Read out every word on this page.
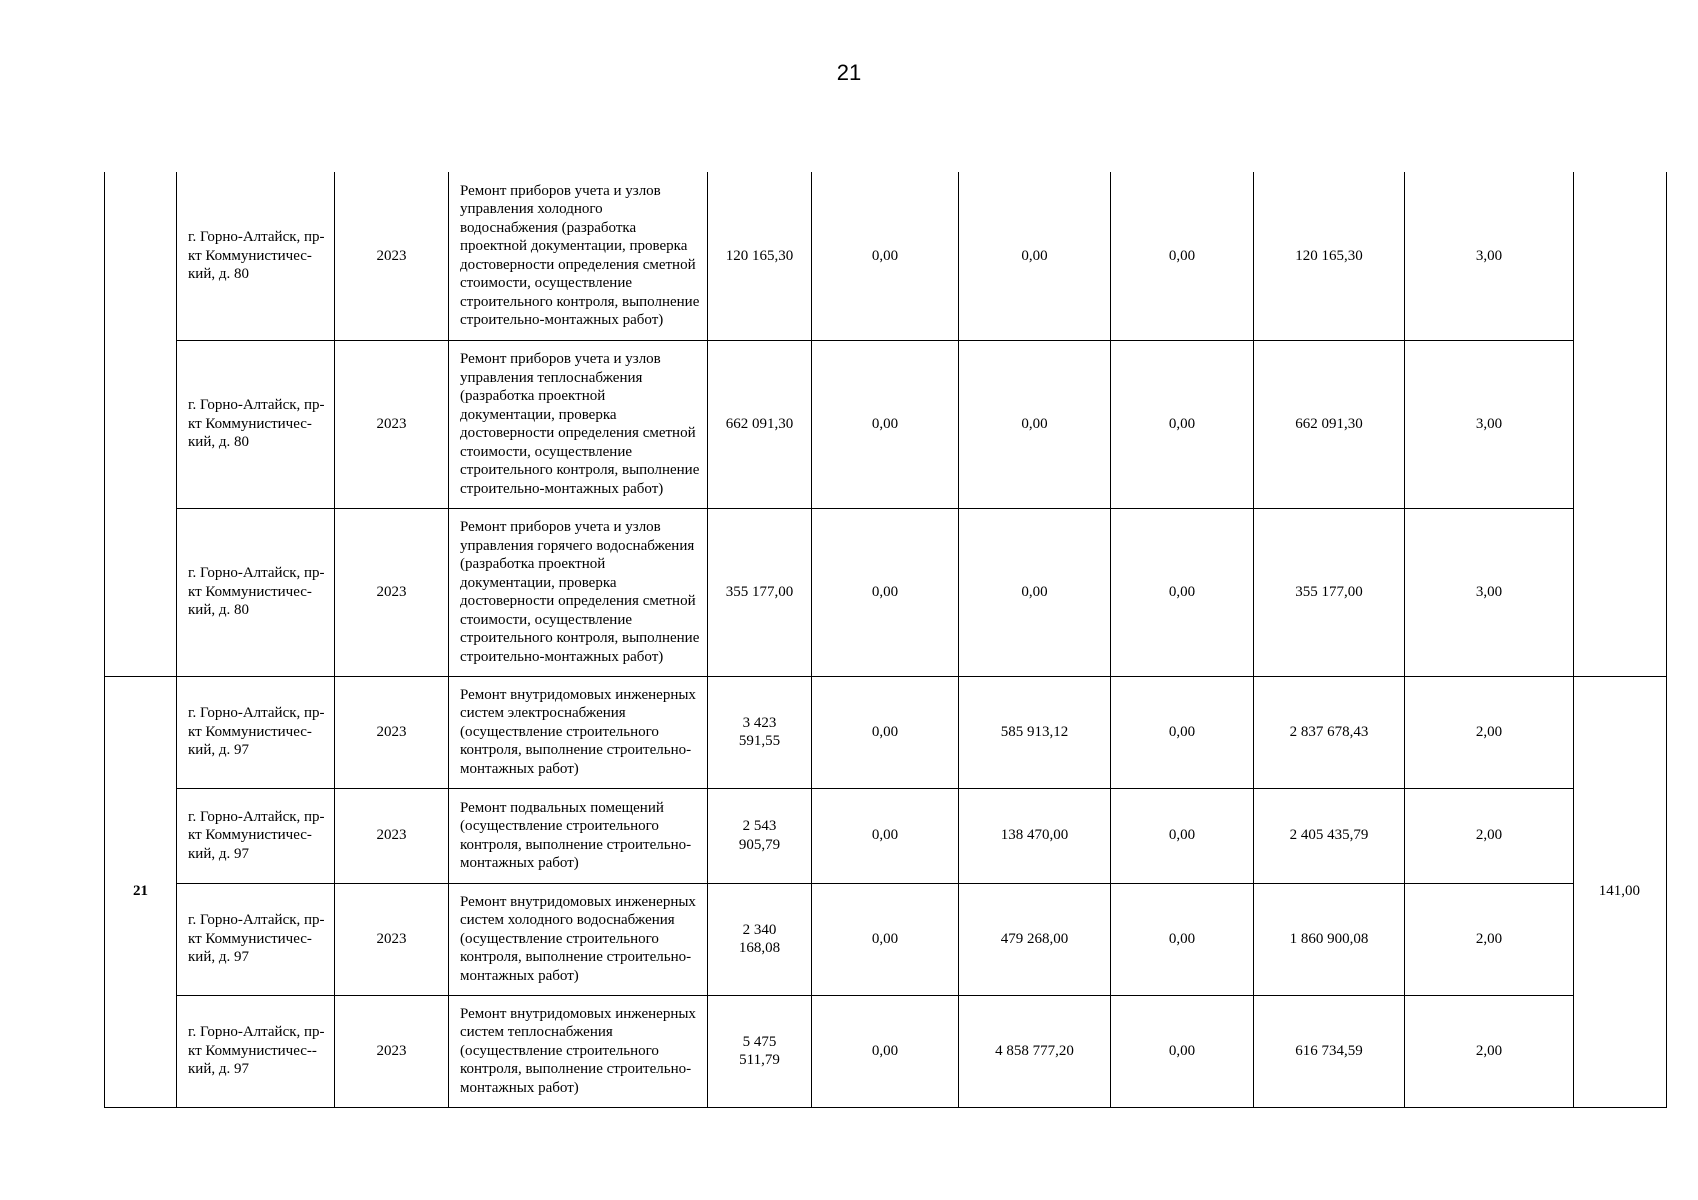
21
	г. Горно-Алтайск, пр-кт Коммунистичес-кий, д. 80	2023	Ремонт приборов учета и узлов управления холодного водоснабжения (разработка проектной документации, проверка достоверности определения сметной стоимости, осуществление строительного контроля, выполнение строительно-монтажных работ)	120 165,30	0,00	0,00	0,00	120 165,30	3,00	

	г. Горно-Алтайск, пр-кт Коммунистичес-кий, д. 80	2023	Ремонт приборов учета и узлов управления теплоснабжения (разработка проектной документации, проверка достоверности определения сметной стоимости, осуществление строительного контроля, выполнение строительно-монтажных работ)	662 091,30	0,00	0,00	0,00	662 091,30	3,00	
	г. Горно-Алтайск, пр-кт Коммунистичес-кий, д. 80	2023	Ремонт приборов учета и узлов управления горячего водоснабжения (разработка проектной документации, проверка достоверности определения сметной стоимости, осуществление строительного контроля, выполнение строительно-монтажных работ)	355 177,00	0,00	0,00	0,00	355 177,00	3,00	
21	г. Горно-Алтайск, пр-кт Коммунистичес-кий, д. 97	2023	Ремонт внутридомовых инженерных систем электроснабжения (осуществление строительного контроля, выполнение строительно-монтажных работ)	3 423
591,55	0,00	585 913,12	0,00	2 837 678,43	2,00	141,00

	г. Горно-Алтайск, пр-кт Коммунистичес-кий, д. 97	2023	Ремонт подвальных помещений (осуществление строительного контроля, выполнение строительно-монтажных работ)	2 543
905,79	0,00	138 470,00	0,00	2 405 435,79	2,00	
	г. Горно-Алтайск, пр-кт Коммунистичес-кий, д. 97	2023	Ремонт внутридомовых инженерных систем холодного водоснабжения (осуществление строительного контроля, выполнение строительно-монтажных работ)	2 340
168,08	0,00	479 268,00	0,00	1 860 900,08	2,00	
	г. Горно-Алтайск, пр-кт Коммунистичес--кий, д. 97	2023	Ремонт внутридомовых инженерных систем теплоснабжения (осуществление строительного контроля, выполнение строительно-монтажных работ)	5 475
511,79	0,00	4 858 777,20	0,00	616 734,59	2,00	
